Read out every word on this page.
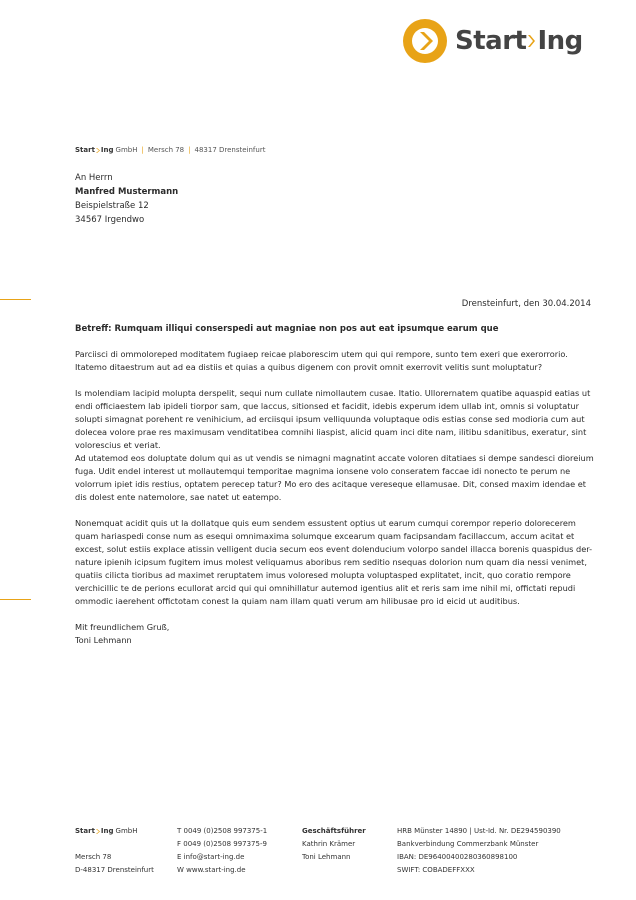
Start Ing
Start Ing GmbH | Mersch 78 | 48317 Drensteinfurt
An Herrn
Manfred Mustermann
Beispielstraße 12
34567 Irgendwo
Drensteinfurt, den 30.04.2014
Betreff: Rumquam illiqui conserspedi aut magniae non pos aut eat ipsumque earum que

Parciisci di ommoloreped moditatem fugiaep reicae plaborescim utem qui qui rempore, sunto tem exeri que exerorrorio. Itatemo ditaestrum aut ad ea distiis et quias a quibus digenem con provit omnit exerrovit velitis sunt moluptatur?

Is molendiam lacipid molupta derspelit, sequi num cullate nimollautem cusae. Itatio. Ullorernatem quatibe aquaspid eatias ut endi officiaestem lab ipideli tiorpor sam, que laccus, sitionsed et facidit, idebis experum idem ullab int, omnis si voluptatur solupti simagnat porehent re venihicium, ad erciisqui ipsum velliquunda voluptaque odis estias conse sed modioria cum aut dolecea volore prae res maximusam venditatibea comnihi liaspist, alicid quam inci dite nam, ilitibu sdanitibus, exeratur, sint volorescius et veriat.

Ad utatemod eos doluptate dolum qui as ut vendis se nimagni magnatint accate voloren ditatiaes si dempe sandesci dioreium fuga. Udit endel interest ut mollautemqui temporitae magnima ionsene volo conseratem faccae idi nonecto te perum ne volorrum ipiet idis restius, optatem perecep tatur? Mo ero des acitaque vereseque ellamusae. Dit, consed maxim idendae et dis dolest ente natemolore, sae natet ut eatempo.

Nonemquat acidit quis ut la dollatque quis eum sendem essustent optius ut earum cumqui corempor reperio dolorecerem quam hariaspedi conse num as esequi omnimaxima solumque excearum quam facipsandam facillaccum, accum acitat et excest, solut estiis explace atissin velligent ducia secum eos event dolenducium volorpo sandel illacca borenis quaspidus der-nature ipienih icipsum fugitem imus molest veliquamus aboribus rem seditio nsequas dolorion num quam dia nessi venimet, quatiis cilicta tioribus ad maximet reruptatem imus voloresed molupta voluptasped explitatet, incit, quo coratio rempore verchicillic te de perions ecullorat arcid qui qui omnihillatur autemod igentius alit et reris sam ime nihil mi, offictati repudi ommodic iaerehent offictotam conest la quiam nam illam quati verum am hilibusae pro id eicid ut auditibus.

Mit freundlichem Gruß,
Toni Lehmann
Start Ing GmbH
Mersch 78
D-48317 Drensteinfurt
T 0049 (0)2508 997375-1
F 0049 (0)2508 997375-9
E info@start-ing.de
W www.start-ing.de
Geschäftsführer
Kathrin Krämer
Toni Lehmann
HRB Münster 14890 | Ust-Id. Nr. DE294590390
Bankverbindung Commerzbank Münster
IBAN: DE96400400280360898100
SWIFT: COBADEFFXXX
